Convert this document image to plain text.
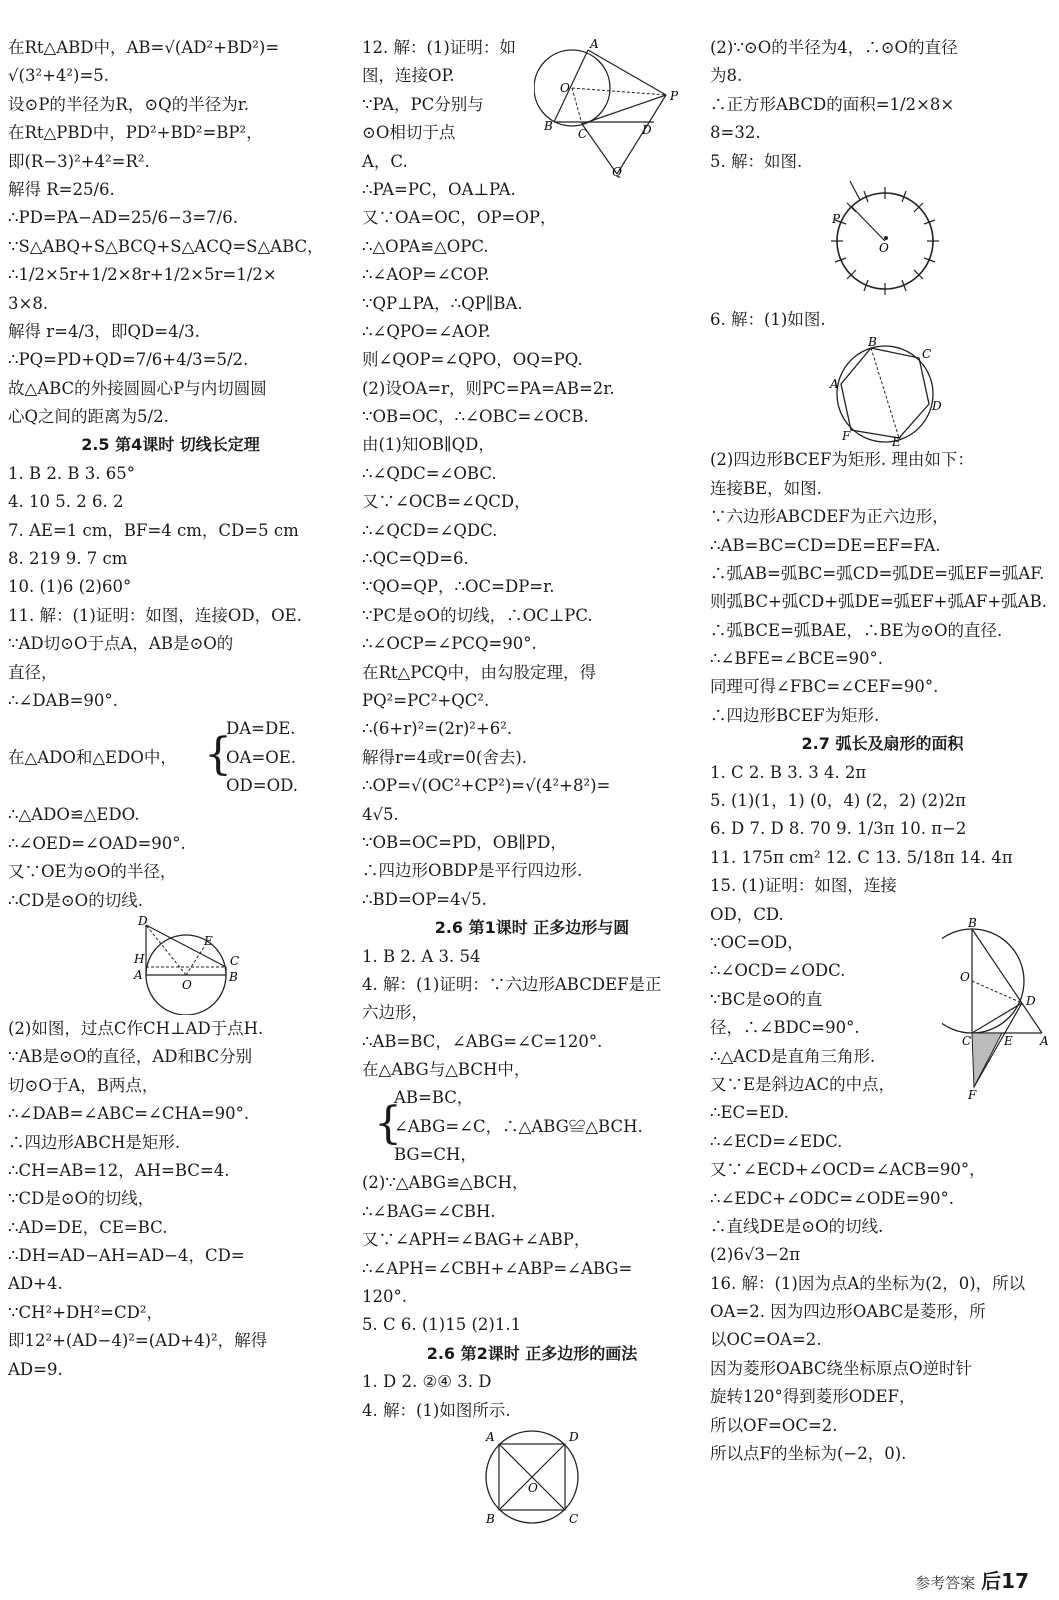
在Rt△ABD中，AB=√(AD²+BD²)=
√(3²+4²)=5.
设⊙P的半径为R，⊙Q的半径为r.
在Rt△PBD中，PD²+BD²=BP²，
即(R−3)²+4²=R².
解得 R=25/6.
∴PD=PA−AD=25/6−3=7/6.
∵S△ABQ+S△BCQ+S△ACQ=S△ABC，
∴1/2×5r+1/2×8r+1/2×5r=1/2×
3×8.
解得 r=4/3，即QD=4/3.
∴PQ=PD+QD=7/6+4/3=5/2.
故△ABC的外接圆圆心P与内切圆圆
心Q之间的距离为5/2.
2.5 第4课时 切线长定理
1. B 2. B 3. 65°
4. 10 5. 2 6. 2
7. AE=1 cm，BF=4 cm，CD=5 cm
8. 219 9. 7 cm
10. (1)6 (2)60°
11. 解：(1)证明：如图，连接OD，OE.
∵AD切⊙O于点A，AB是⊙O的
直径，
∴∠DAB=90°.
在△ADO和△EDO中， {
DA=DE.
OA=OE.
OD=OD.
∴△ADO≌△EDO.
∴∠OED=∠OAD=90°.
又∵OE为⊙O的半径，
∴CD是⊙O的切线.
D
E
C
H
A
O
B
(2)如图，过点C作CH⊥AD于点H.
∵AB是⊙O的直径，AD和BC分别
切⊙O于A，B两点，
∴∠DAB=∠ABC=∠CHA=90°.
∴四边形ABCH是矩形.
∴CH=AB=12，AH=BC=4.
∵CD是⊙O的切线，
∴AD=DE，CE=BC.
∴DH=AD−AH=AD−4，CD=
AD+4.
∵CH²+DH²=CD²，
即12²+(AD−4)²=(AD+4)²，解得
AD=9.
12. 解：(1)证明：如
图，连接OP.
∵PA，PC分别与
⊙O相切于点
A，C.
A
O
P
B
C	D
Q
∴PA=PC，OA⊥PA.
又∵OA=OC，OP=OP，
∴△OPA≌△OPC.
∴∠AOP=∠COP.
∵QP⊥PA，∴QP∥BA.
∴∠QPO=∠AOP.
则∠QOP=∠QPO，OQ=PQ.
(2)设OA=r，则PC=PA=AB=2r.
∵OB=OC，∴∠OBC=∠OCB.
由(1)知OB∥QD，
∴∠QDC=∠OBC.
又∵∠OCB=∠QCD，
∴∠QCD=∠QDC.
∴QC=QD=6.
∵QO=QP，∴OC=DP=r.
∵PC是⊙O的切线，∴OC⊥PC.
∴∠OCP=∠PCQ=90°.
在Rt△PCQ中，由勾股定理，得
PQ²=PC²+QC².
∴(6+r)²=(2r)²+6².
解得r=4或r=0(舍去).
∴OP=√(OC²+CP²)=√(4²+8²)=
4√5.
∵OB=OC=PD，OB∥PD，
∴四边形OBDP是平行四边形.
∴BD=OP=4√5.
2.6 第1课时 正多边形与圆
1. B 2. A 3. 54
4. 解：(1)证明：∵六边形ABCDEF是正
六边形，
∴AB=BC，∠ABG=∠C=120°.
在△ABG与△BCH中，
{
AB=BC，
∠ABG=∠C，∴△ABG≌△BCH.
BG=CH，
(2)∵△ABG≌△BCH，
∴∠BAG=∠CBH.
又∵∠APH=∠BAG+∠ABP，
∴∠APH=∠CBH+∠ABP=∠ABG=
120°.
5. C 6. (1)15 (2)1.1
2.6 第2课时 正多边形的画法
1. D 2. ②④ 3. D
4. 解：(1)如图所示.
A	D
O
B	C
(2)∵⊙O的半径为4，∴⊙O的直径
为8.
∴正方形ABCD的面积=1/2×8×
8=32.
5. 解：如图.
P
O
6. 解：(1)如图.
B
C
A
D
F	E
(2)四边形BCEF为矩形. 理由如下：
连接BE，如图.
∵六边形ABCDEF为正六边形，
∴AB=BC=CD=DE=EF=FA.
∴弧AB=弧BC=弧CD=弧DE=弧EF=弧AF.
则弧BC+弧CD+弧DE=弧EF+弧AF+弧AB.
∴弧BCE=弧BAE，∴BE为⊙O的直径.
∴∠BFE=∠BCE=90°.
同理可得∠FBC=∠CEF=90°.
∴四边形BCEF为矩形.
2.7 弧长及扇形的面积
1. C 2. B 3. 3 4. 2π
5. (1)(1，1) (0，4) (2，2) (2)2π
6. D 7. D 8. 70 9. 1/3π 10. π−2
11. 175π cm² 12. C 13. 5/18π 14. 4π
15. (1)证明：如图，连接
OD，CD.
∵OC=OD，
∴∠OCD=∠ODC.
∵BC是⊙O的直
径，∴∠BDC=90°.
∴△ACD是直角三角形.
又∵E是斜边AC的中点，
∴EC=ED.
∴∠ECD=∠EDC.
又∵∠ECD+∠OCD=∠ACB=90°，
∴∠EDC+∠ODC=∠ODE=90°.
∴直线DE是⊙O的切线.
(2)6√3−2π
16. 解：(1)因为点A的坐标为(2，0)，所以
OA=2. 因为四边形OABC是菱形，所
以OC=OA=2.
因为菱形OABC绕坐标原点O逆时针
旋转120°得到菱形ODEF，
所以OF=OC=2.
所以点F的坐标为(−2，0).
B
O
D
C	E A
F
参考答案 后17
